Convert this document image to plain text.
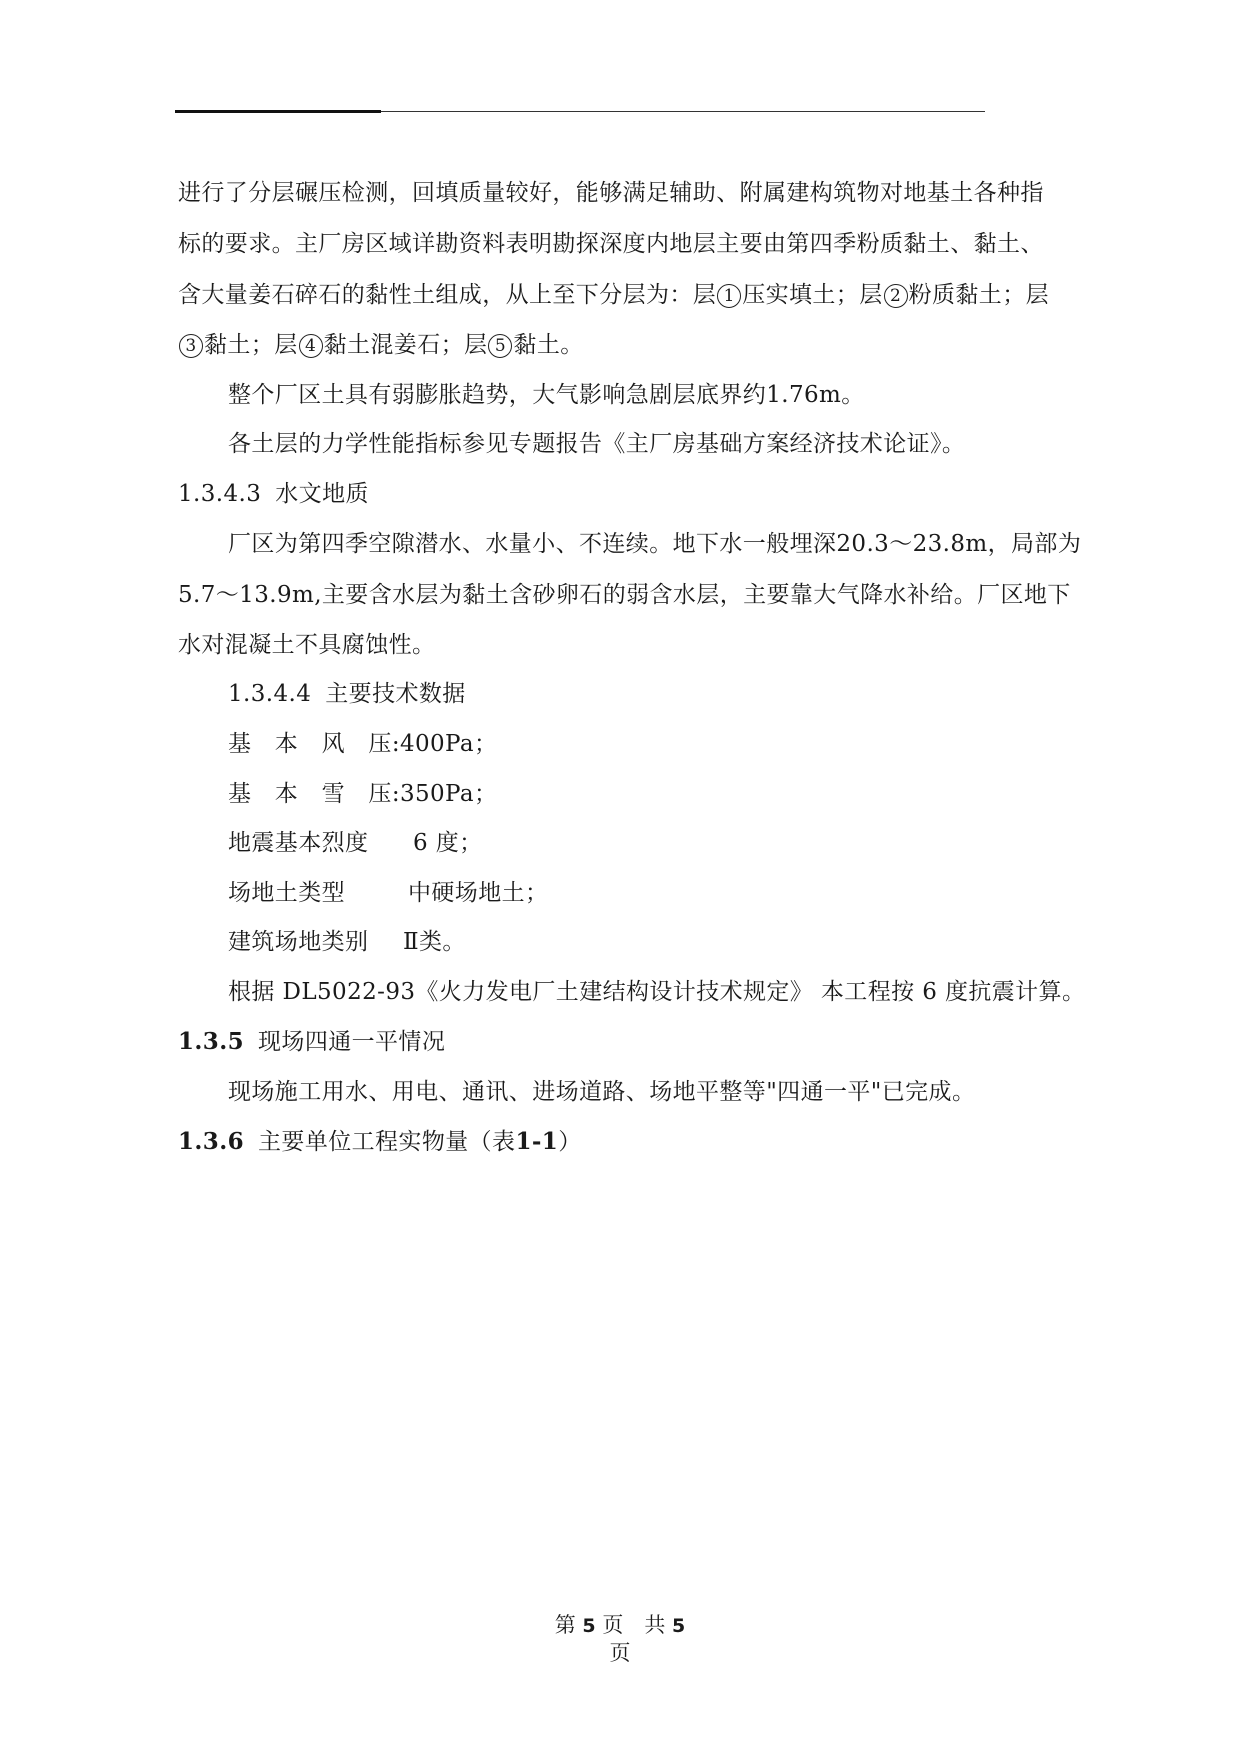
进行了分层碾压检测，回填质量较好，能够满足辅助、附属建构筑物对地基土各种指
标的要求。主厂房区域详勘资料表明勘探深度内地层主要由第四季粉质黏土、黏土、
含大量姜石碎石的黏性土组成，从上至下分层为：层 1 压实填土；层 2 粉质黏土；层
3 黏土；层 4 黏土混姜石；层 5 黏土。
整个厂区土具有弱膨胀趋势，大气影响急剧层底界约1.76m。
各土层的力学性能指标参见专题报告《主厂房基础方案经济技术论证》。
1.3.4.3 水文地质
厂区为第四季空隙潜水、水量小、不连续。地下水一般埋深20.3～23.8m，局部为
5.7～13.9m,主要含水层为黏土含砂卵石的弱含水层，主要靠大气降水补给。厂区地下
水对混凝土不具腐蚀性。
1.3.4.4 主要技术数据
基　本　风　压:400Pa；
基　本　雪　压:350Pa；
地震基本烈度 6 度；
场地土类型	中硬场地土；
建筑场地类别 Ⅱ类。
根据 DL5022-93《火力发电厂土建结构设计技术规定》 本工程按 6 度抗震计算。
1.3.5 现场四通一平情况
现场施工用水、用电、通讯、进场道路、场地平整等"四通一平"已完成。
1.3.6 主要单位工程实物量（表1-1）
第 5 页　共 5
页
